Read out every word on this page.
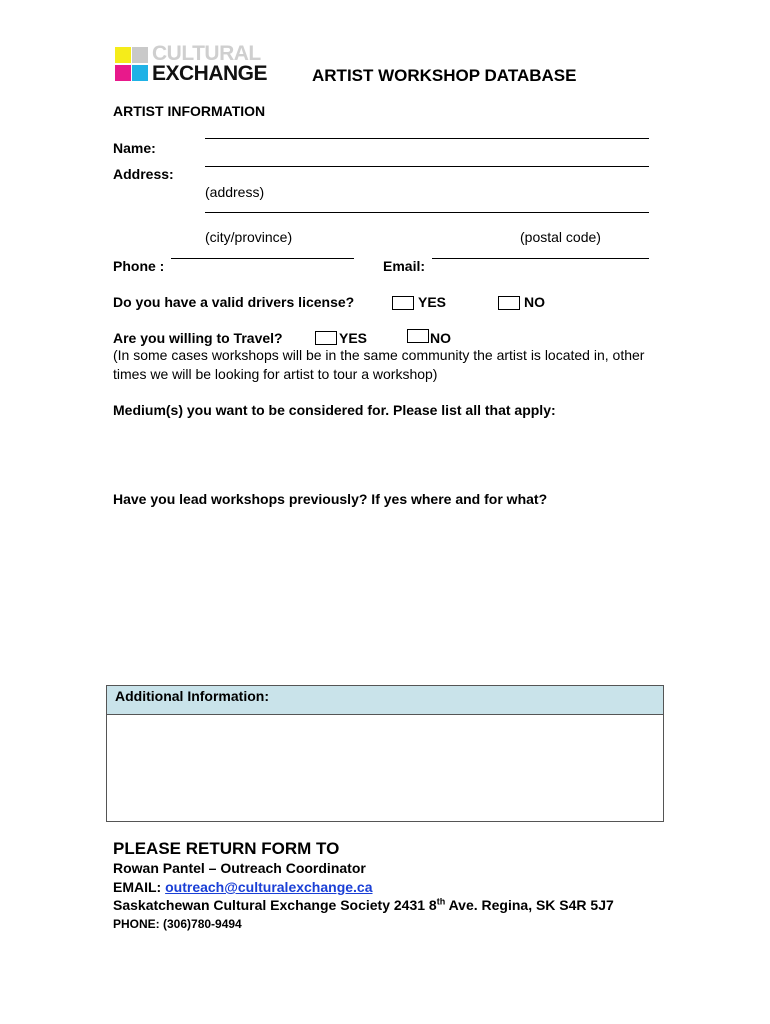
CULTURAL
EXCHANGE	ARTIST WORKSHOP DATABASE
ARTIST INFORMATION
Name:
Address:
(address)
(city/province)	(postal code)
Phone :	Email:
Do you have a valid drivers license?	YES	NO
Are you willing to Travel?	YES	NO
(In some cases workshops will be in the same community the artist is located in, other times we will be looking for artist to tour a workshop)
Medium(s) you want to be considered for. Please list all that apply:
Have you lead workshops previously? If yes where and for what?
Additional Information:
PLEASE RETURN FORM TO
Rowan Pantel – Outreach Coordinator
EMAIL: outreach@culturalexchange.ca
Saskatchewan Cultural Exchange Society 2431 8th Ave. Regina, SK S4R 5J7
PHONE: (306)780-9494
